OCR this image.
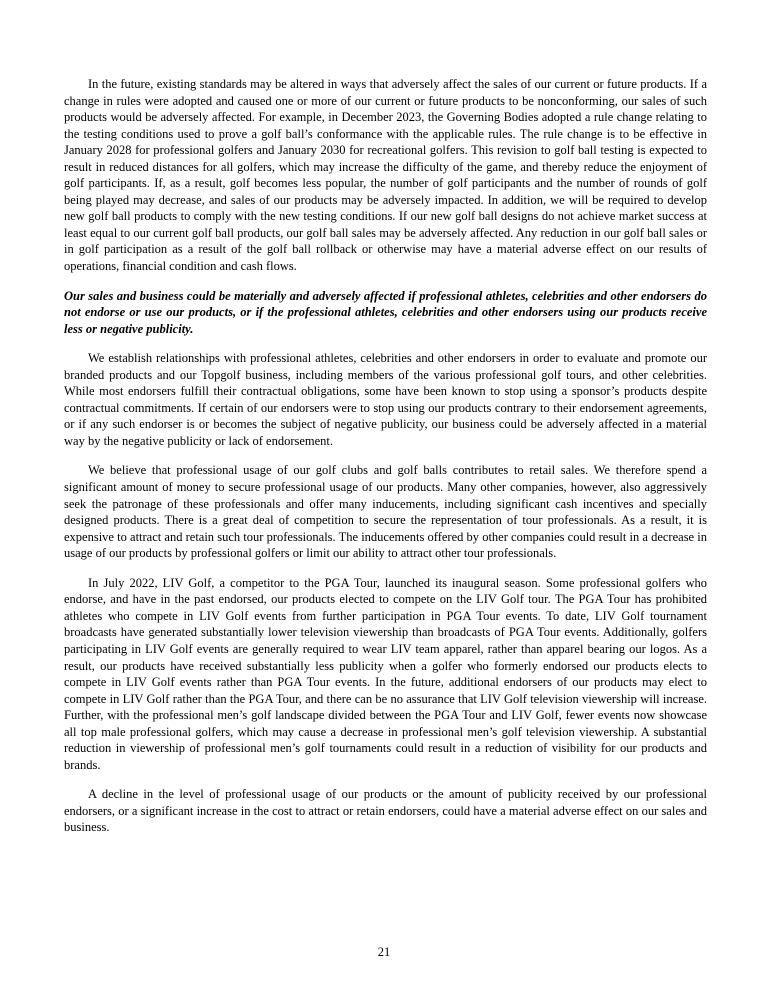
In the future, existing standards may be altered in ways that adversely affect the sales of our current or future products. If a change in rules were adopted and caused one or more of our current or future products to be nonconforming, our sales of such products would be adversely affected. For example, in December 2023, the Governing Bodies adopted a rule change relating to the testing conditions used to prove a golf ball’s conformance with the applicable rules. The rule change is to be effective in January 2028 for professional golfers and January 2030 for recreational golfers. This revision to golf ball testing is expected to result in reduced distances for all golfers, which may increase the difficulty of the game, and thereby reduce the enjoyment of golf participants. If, as a result, golf becomes less popular, the number of golf participants and the number of rounds of golf being played may decrease, and sales of our products may be adversely impacted. In addition, we will be required to develop new golf ball products to comply with the new testing conditions. If our new golf ball designs do not achieve market success at least equal to our current golf ball products, our golf ball sales may be adversely affected. Any reduction in our golf ball sales or in golf participation as a result of the golf ball rollback or otherwise may have a material adverse effect on our results of operations, financial condition and cash flows.

Our sales and business could be materially and adversely affected if professional athletes, celebrities and other endorsers do not endorse or use our products, or if the professional athletes, celebrities and other endorsers using our products receive less or negative publicity.

We establish relationships with professional athletes, celebrities and other endorsers in order to evaluate and promote our branded products and our Topgolf business, including members of the various professional golf tours, and other celebrities. While most endorsers fulfill their contractual obligations, some have been known to stop using a sponsor’s products despite contractual commitments. If certain of our endorsers were to stop using our products contrary to their endorsement agreements, or if any such endorser is or becomes the subject of negative publicity, our business could be adversely affected in a material way by the negative publicity or lack of endorsement.

We believe that professional usage of our golf clubs and golf balls contributes to retail sales. We therefore spend a significant amount of money to secure professional usage of our products. Many other companies, however, also aggressively seek the patronage of these professionals and offer many inducements, including significant cash incentives and specially designed products. There is a great deal of competition to secure the representation of tour professionals. As a result, it is expensive to attract and retain such tour professionals. The inducements offered by other companies could result in a decrease in usage of our products by professional golfers or limit our ability to attract other tour professionals.

In July 2022, LIV Golf, a competitor to the PGA Tour, launched its inaugural season. Some professional golfers who endorse, and have in the past endorsed, our products elected to compete on the LIV Golf tour. The PGA Tour has prohibited athletes who compete in LIV Golf events from further participation in PGA Tour events. To date, LIV Golf tournament broadcasts have generated substantially lower television viewership than broadcasts of PGA Tour events. Additionally, golfers participating in LIV Golf events are generally required to wear LIV team apparel, rather than apparel bearing our logos. As a result, our products have received substantially less publicity when a golfer who formerly endorsed our products elects to compete in LIV Golf events rather than PGA Tour events. In the future, additional endorsers of our products may elect to compete in LIV Golf rather than the PGA Tour, and there can be no assurance that LIV Golf television viewership will increase. Further, with the professional men’s golf landscape divided between the PGA Tour and LIV Golf, fewer events now showcase all top male professional golfers, which may cause a decrease in professional men’s golf television viewership. A substantial reduction in viewership of professional men’s golf tournaments could result in a reduction of visibility for our products and brands.

A decline in the level of professional usage of our products or the amount of publicity received by our professional endorsers, or a significant increase in the cost to attract or retain endorsers, could have a material adverse effect on our sales and business.

21
